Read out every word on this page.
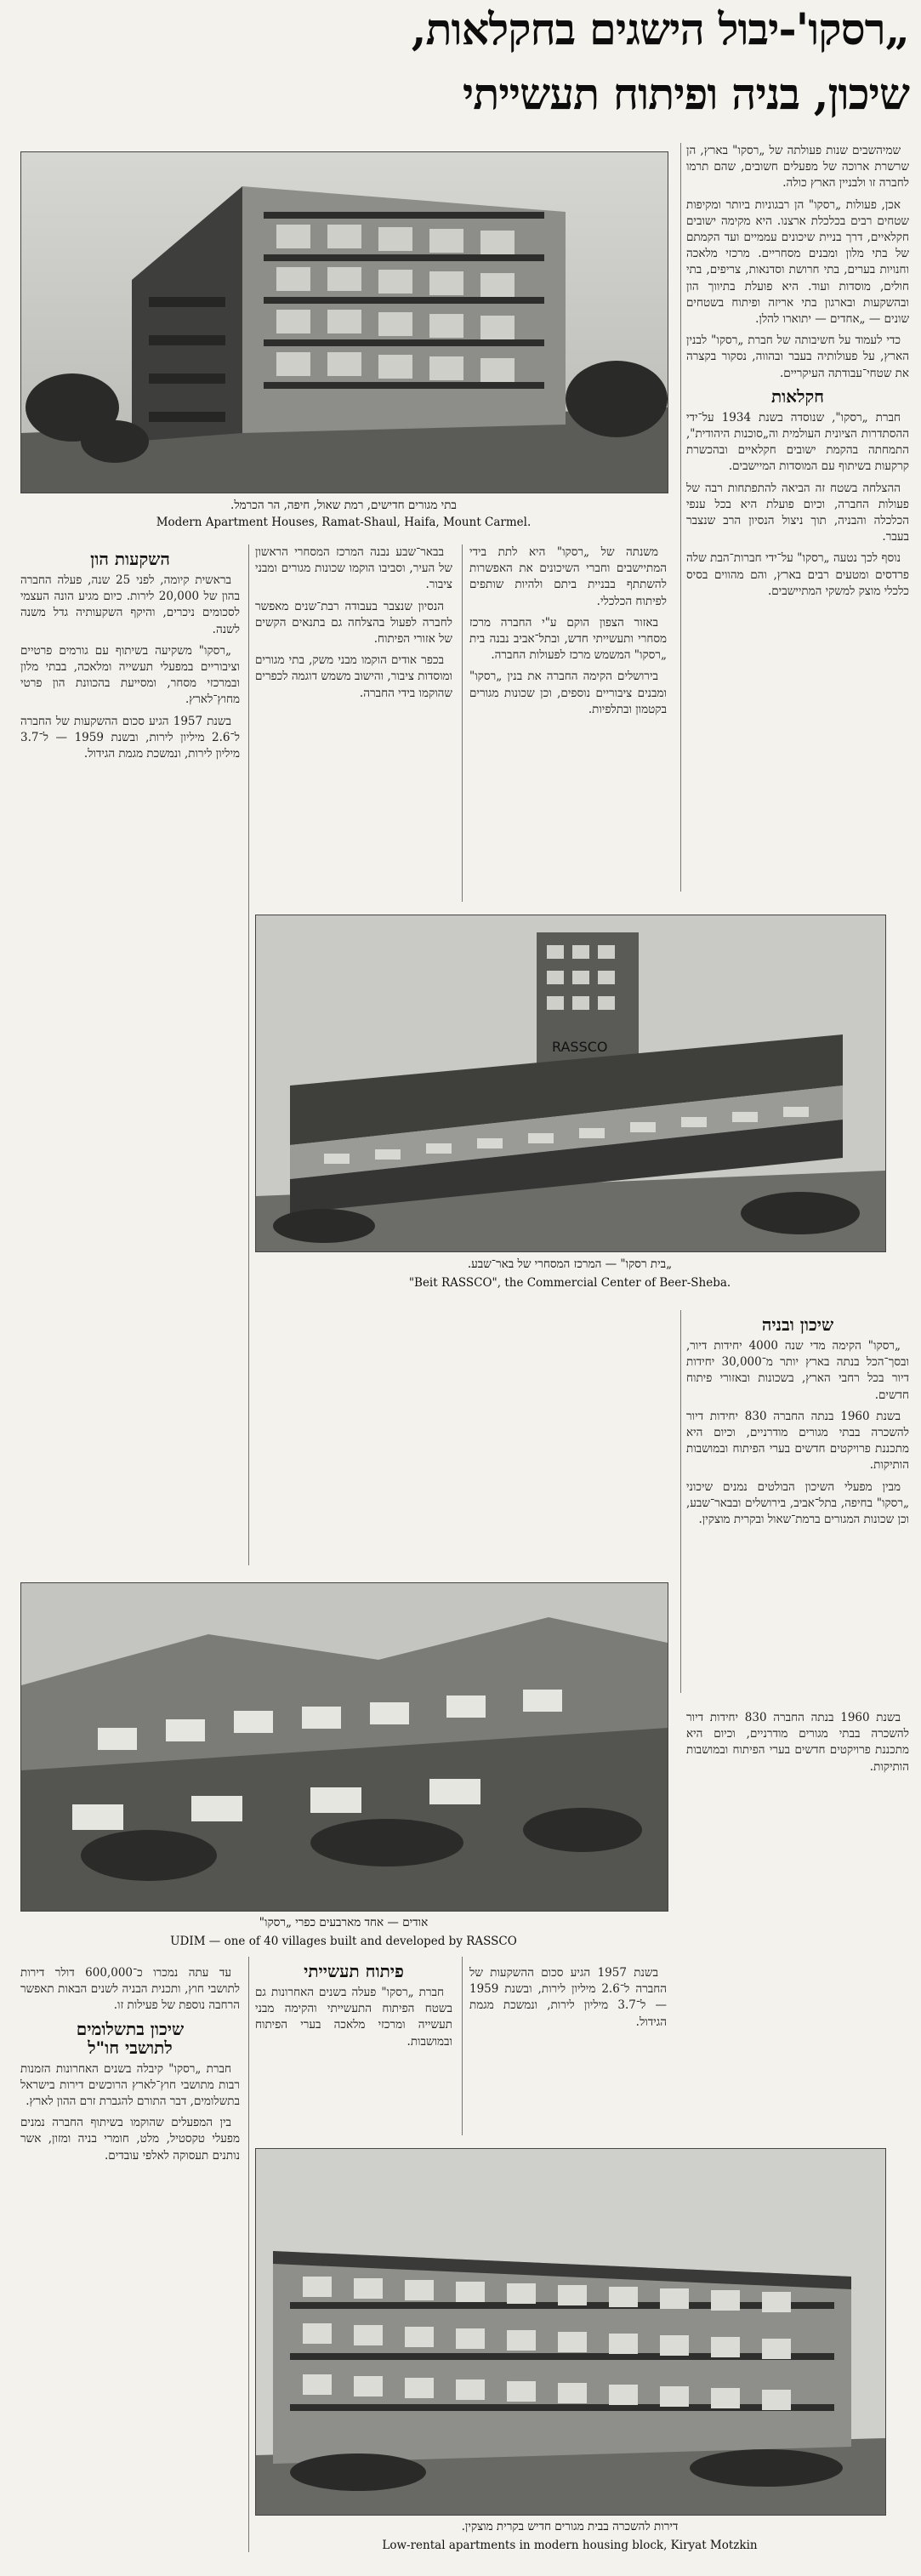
„רסקו'-יבול הישגים בחקלאות,
שיכון, בניה ופיתוח תעשייתי

שמיהשבים שנות פעולתה של „רסקו" בארץ, הן שרשרת ארוכה של מפעלים חשובים, שהם תרמו לחברה זו ולבניין הארץ כולה.

אכן, פעולות „רסקו" הן רבגוניות ביותר ומקיפות שטחים רבים בכלכלת ארצנו. היא מקימה ישובים חקלאיים, דרך בניית שיכונים עממיים ועד הקמתם של בתי מלון ומבנים מסחריים. מרכזי מלאכה וחנויות בערים, בתי חרושת וסדנאות, צריפים, בתי חולים, מוסדות ועוד. היא פועלת בתיווך הון ובהשקעות ובארגון בתי אריזה ופיתוח בשטחים שונים — „אחדים — יתוארו להלן.

כדי לעמוד על חשיבותה של חברת „רסקו" לבנין הארץ, על פעולותיה בעבר ובהווה, נסקור בקצרה את שטחי־עבודתה העיקריים.

חקלאות

חברת „רסקו", שנוסדה בשנת 1934 על־ידי ההסתדרות הציונית העולמית וה„סוכנות היהודית", התמחתה בהקמת ישובים חקלאיים ובהכשרת קרקעות בשיתוף עם המוסדות המיישבים.

ההצלחה בשטח זה הביאה להתפתחות רבה של פעולות החברה, וכיום פועלת היא בכל ענפי הכלכלה והבניה, תוך ניצול הנסיון הרב שנצבר בעבר.

נוסף לכך נטעה „רסקו" על־ידי חברות־הבת שלה פרדסים ומטעים רבים בארץ, והם מהווים בסיס כלכלי מוצק למשקי המתיישבים.

בתי מגורים חדישים, רמת שאול, חיפה, הר הכרמל.
Modern Apartment Houses, Ramat-Shaul, Haifa, Mount Carmel.

משנתה של „רסקו" היא לתת בידי המתיישבים וחברי השיכונים את האפשרות להשתתף בבניית ביתם ולהיות שותפים לפיתוח הכלכלי.

באזור הצפון הוקם ע"י החברה מרכז מסחרי ותעשייתי חדש, ובתל־אביב נבנה בית „רסקו" המשמש מרכז לפעולות החברה.

בירושלים הקימה החברה את בנין „רסקו" ומבנים ציבוריים נוספים, וכן שכונות מגורים בקטמון ובתלפיות.

בבאר־שבע נבנה המרכז המסחרי הראשון של העיר, וסביבו הוקמו שכונות מגורים ומבני ציבור.

הנסיון שנצבר בעבודה רבת־שנים מאפשר לחברה לפעול בהצלחה גם בתנאים הקשים של אזורי הפיתוח.

בכפר אודים הוקמו מבני משק, בתי מגורים ומוסדות ציבור, והישוב משמש דוגמה לכפרים שהוקמו בידי החברה.

השקעות הון

בראשית קיומה, לפני 25 שנה, פעלה החברה בהון של 20,000 לירות. כיום מגיע הונה העצמי לסכומים ניכרים, והיקף השקעותיה גדל משנה לשנה.

„רסקו" משקיעה בשיתוף עם גורמים פרטיים וציבוריים במפעלי תעשייה ומלאכה, בבתי מלון ובמרכזי מסחר, ומסייעת בהכוונת הון פרטי מחוץ־לארץ.

בשנת 1957 הגיע סכום ההשקעות של החברה ל־2.6 מיליון לירות, ובשנת 1959 — ל־3.7 מיליון לירות, ונמשכת מגמת הגידול.

RASSCO
„בית רסקו" — המרכז המסחרי של באר־שבע.
"Beit RASSCO", the Commercial Center of Beer-Sheba.
שיכון ובניה

„רסקו" הקימה מדי שנה 4000 יחידות דיור, ובסך־הכל בנתה בארץ יותר מ־30,000 יחידות דיור בכל רחבי הארץ, בשכונות ובאזורי פיתוח חדשים.

בשנת 1960 בנתה החברה 830 יחידות דיור להשכרה בבתי מגורים מודרניים, וכיום היא מתכננת פרויקטים חדשים בערי הפיתוח ובמושבות הותיקות.

מבין מפעלי השיכון הבולטים נמנים שיכוני „רסקו" בחיפה, בתל־אביב, בירושלים ובבאר־שבע, וכן שכונות המגורים ברמת־שאול ובקרית מוצקין.

אודים — אחד מארבעים כפרי „רסקו"
UDIM — one of 40 villages built and developed by RASSCO

בשנת 1960 בנתה החברה 830 יחידות דיור להשכרה בבתי מגורים מודרניים, וכיום היא מתכננת פרויקטים חדשים בערי הפיתוח ובמושבות הותיקות.

בשנת 1957 הגיע סכום ההשקעות של החברה ל־2.6 מיליון לירות, ובשנת 1959 — ל־3.7 מיליון לירות, ונמשכת מגמת הגידול.

פיתוח תעשייתי

חברת „רסקו" פעלה בשנים האחרונות גם בשטח הפיתוח התעשייתי והקימה מבני תעשייה ומרכזי מלאכה בערי הפיתוח ובמושבות.

עד עתה נמכרו כ־600,000 דולר דירות לתושבי חוץ, ותכנית הבניה לשנים הבאות תאפשר הרחבה נוספת של פעילות זו.

שיכון בתשלומים
לתושבי חו"ל

חברת „רסקו" קיבלה בשנים האחרונות הזמנות רבות מתושבי חוץ־לארץ הרוכשים דירות בישראל בתשלומים, דבר התורם להגברת זרם ההון לארץ.

בין המפעלים שהוקמו בשיתוף החברה נמנים מפעלי טקסטיל, מלט, חומרי בניה ומזון, אשר נותנים תעסוקה לאלפי עובדים.

דירות להשכרה בבית מגורים חדיש בקרית מוצקין.
Low-rental apartments in modern housing block, Kiryat Motzkin
